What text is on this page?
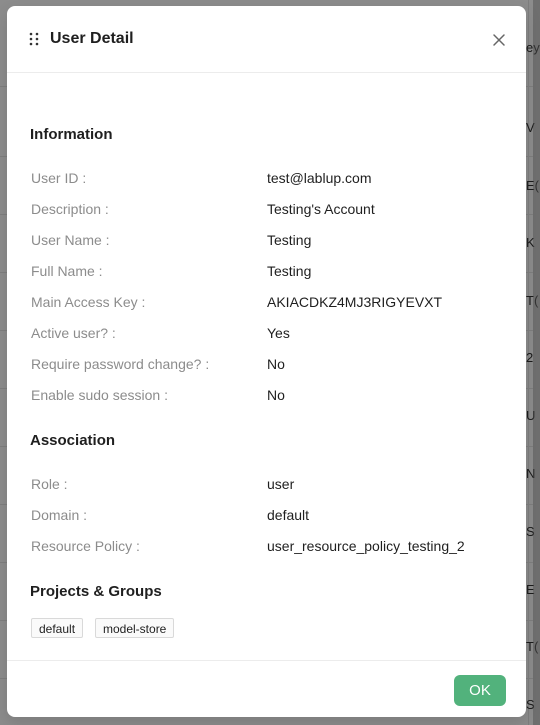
ey
V
E(
K
T(
2
U
N
S
E
T(
S
User Detail
Information
User ID :	test@lablup.com
Description :	Testing's Account
User Name :	Testing
Full Name :	Testing
Main Access Key :	AKIACDKZ4MJ3RIGYEVXT
Active user? :	Yes
Require password change? :	No
Enable sudo session :	No
Association
Role :	user
Domain :	default
Resource Policy :	user_resource_policy_testing_2
Projects & Groups
default	model-store
OK
